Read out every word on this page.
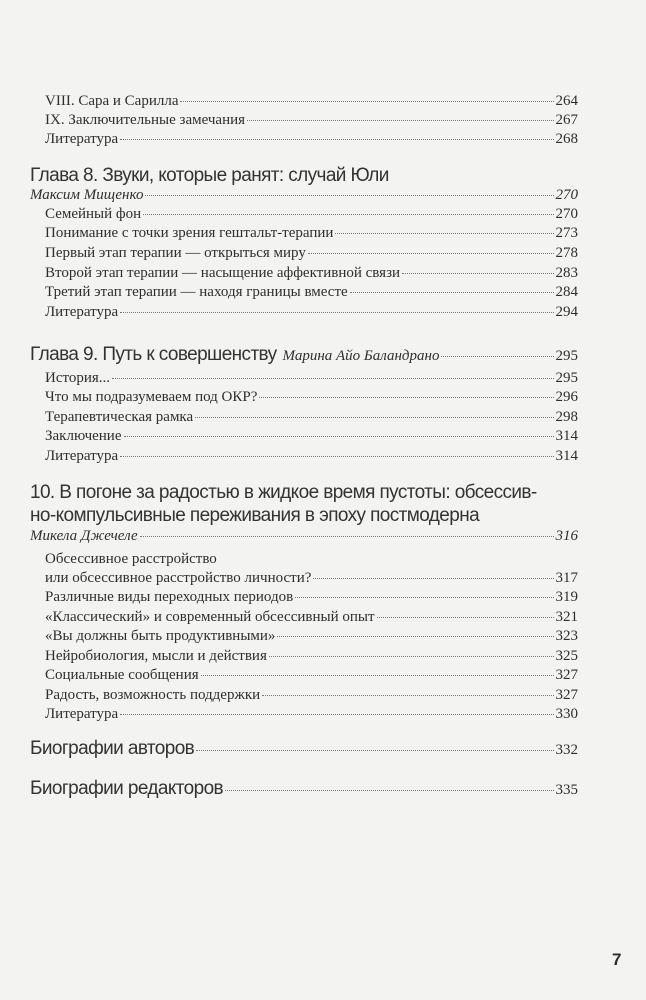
VIII. Сара и Сарилла	264
IX. Заключительные замечания	267
Литература	268
Глава 8. Звуки, которые ранят: случай Юли
Максим Мищенко	270
Семейный фон	270
Понимание с точки зрения гештальт-терапии	273
Первый этап терапии — открыться миру	278
Второй этап терапии — насыщение аффективной связи	283
Третий этап терапии — находя границы вместе	284
Литература	294
Глава 9. Путь к совершенству Марина Айо Баландрано	295
История...	295
Что мы подразумеваем под ОКР?	296
Терапевтическая рамка	298
Заключение	314
Литература	314
10. В погоне за радостью в жидкое время пустоты: обсессив-
но-компульсивные переживания в эпоху постмодерна
Микела Джечеле	316
Обсессивное расстройство
или обсессивное расстройство личности?	317
Различные виды переходных периодов	319
«Классический» и современный обсессивный опыт	321
«Вы должны быть продуктивными»	323
Нейробиология, мысли и действия	325
Социальные сообщения	327
Радость, возможность поддержки	327
Литература	330
Биографии авторов	332
Биографии редакторов	335
7
